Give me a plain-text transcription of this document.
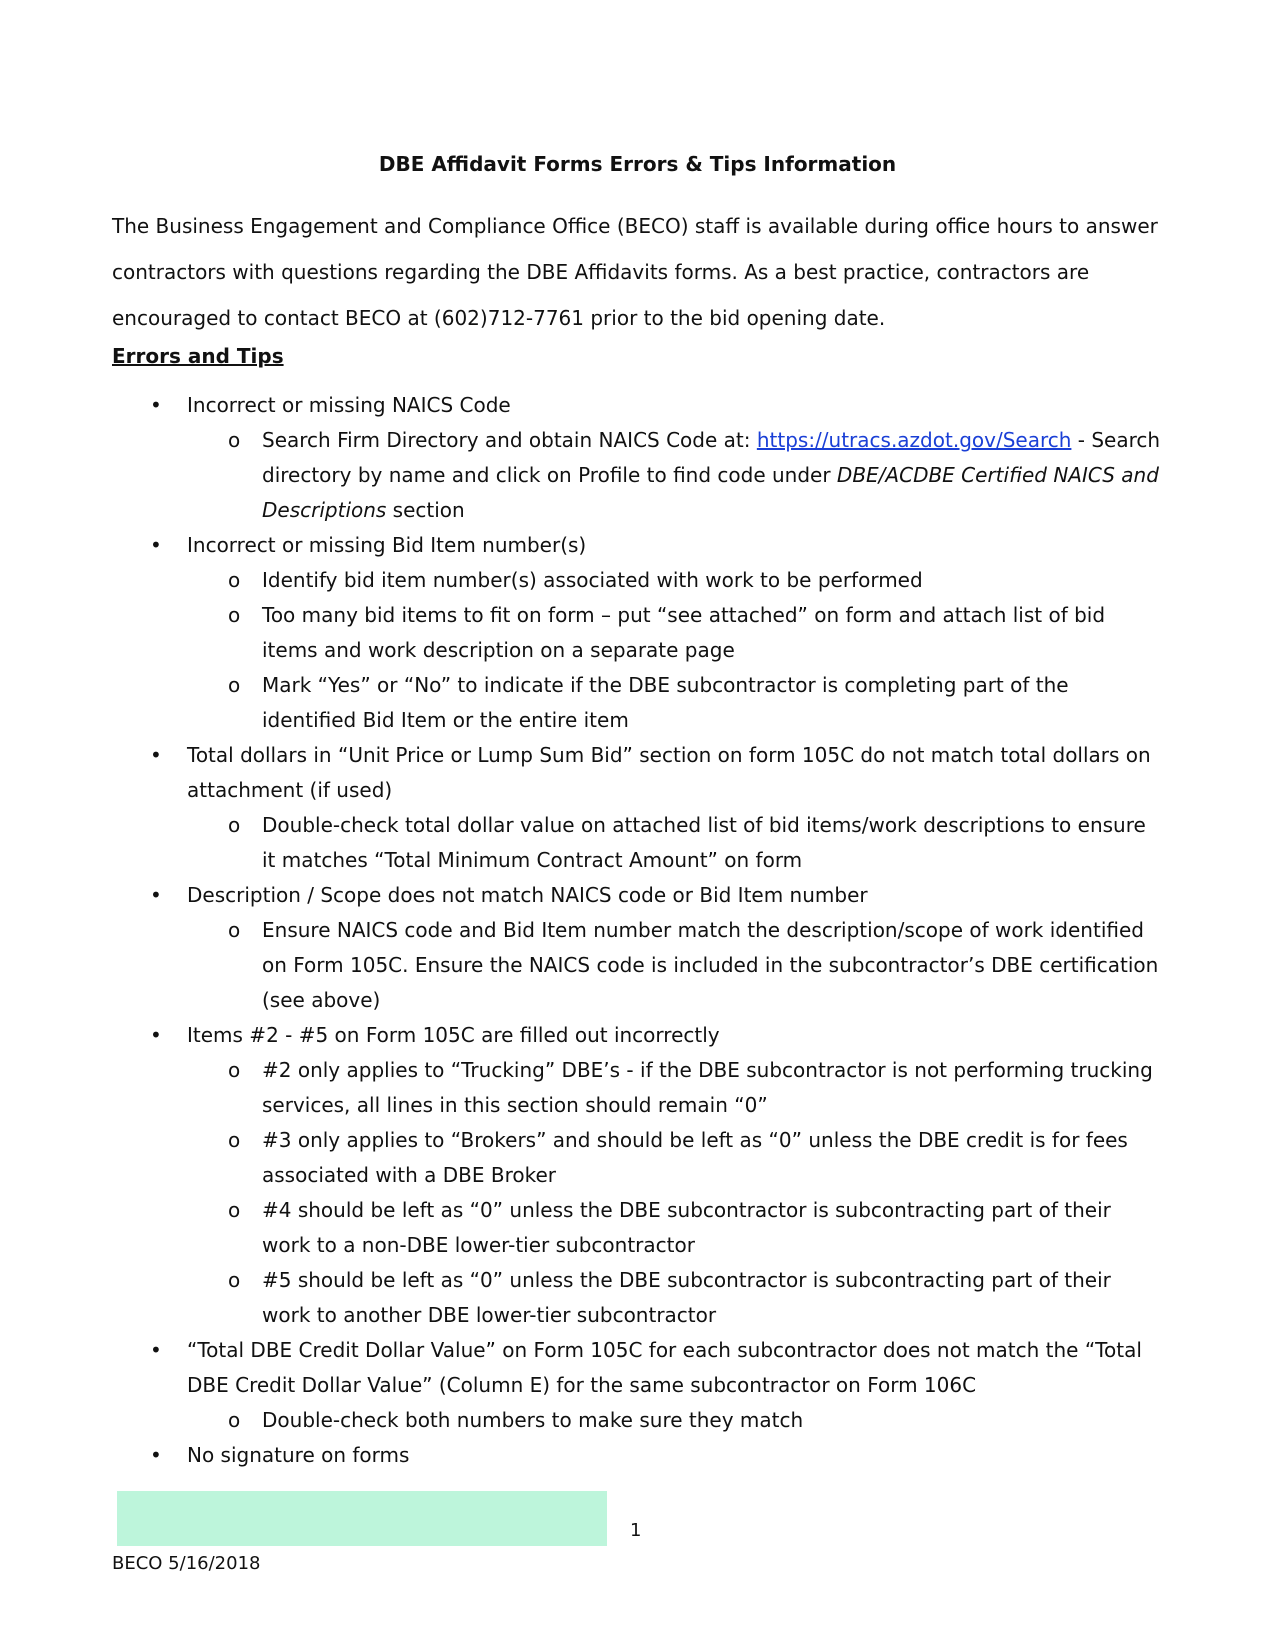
DBE Affidavit Forms Errors & Tips Information

The Business Engagement and Compliance Office (BECO) staff is available during office hours to answer

contractors with questions regarding the DBE Affidavits forms. As a best practice, contractors are

encouraged to contact BECO at (602)712-7761 prior to the bid opening date.

Errors and Tips
• Incorrect or missing NAICS Code
o Search Firm Directory and obtain NAICS Code at: https://utracs.azdot.gov/Search - Search directory by name and click on Profile to find code under DBE/ACDBE Certified NAICS and Descriptions section
• Incorrect or missing Bid Item number(s)
o Identify bid item number(s) associated with work to be performed
o Too many bid items to fit on form – put “see attached” on form and attach list of bid items and work description on a separate page
o Mark “Yes” or “No” to indicate if the DBE subcontractor is completing part of the identified Bid Item or the entire item
• Total dollars in “Unit Price or Lump Sum Bid” section on form 105C do not match total dollars on attachment (if used)
o Double-check total dollar value on attached list of bid items/work descriptions to ensure it matches “Total Minimum Contract Amount” on form
• Description / Scope does not match NAICS code or Bid Item number
o Ensure NAICS code and Bid Item number match the description/scope of work identified on Form 105C. Ensure the NAICS code is included in the subcontractor’s DBE certification (see above)
• Items #2 - #5 on Form 105C are filled out incorrectly
o #2 only applies to “Trucking” DBE’s - if the DBE subcontractor is not performing trucking services, all lines in this section should remain “0”
o #3 only applies to “Brokers” and should be left as “0” unless the DBE credit is for fees associated with a DBE Broker
o #4 should be left as “0” unless the DBE subcontractor is subcontracting part of their work to a non-DBE lower-tier subcontractor
o #5 should be left as “0” unless the DBE subcontractor is subcontracting part of their work to another DBE lower-tier subcontractor
• “Total DBE Credit Dollar Value” on Form 105C for each subcontractor does not match the “Total DBE Credit Dollar Value” (Column E) for the same subcontractor on Form 106C
o Double-check both numbers to make sure they match
• No signature on forms
1
BECO 5/16/2018
